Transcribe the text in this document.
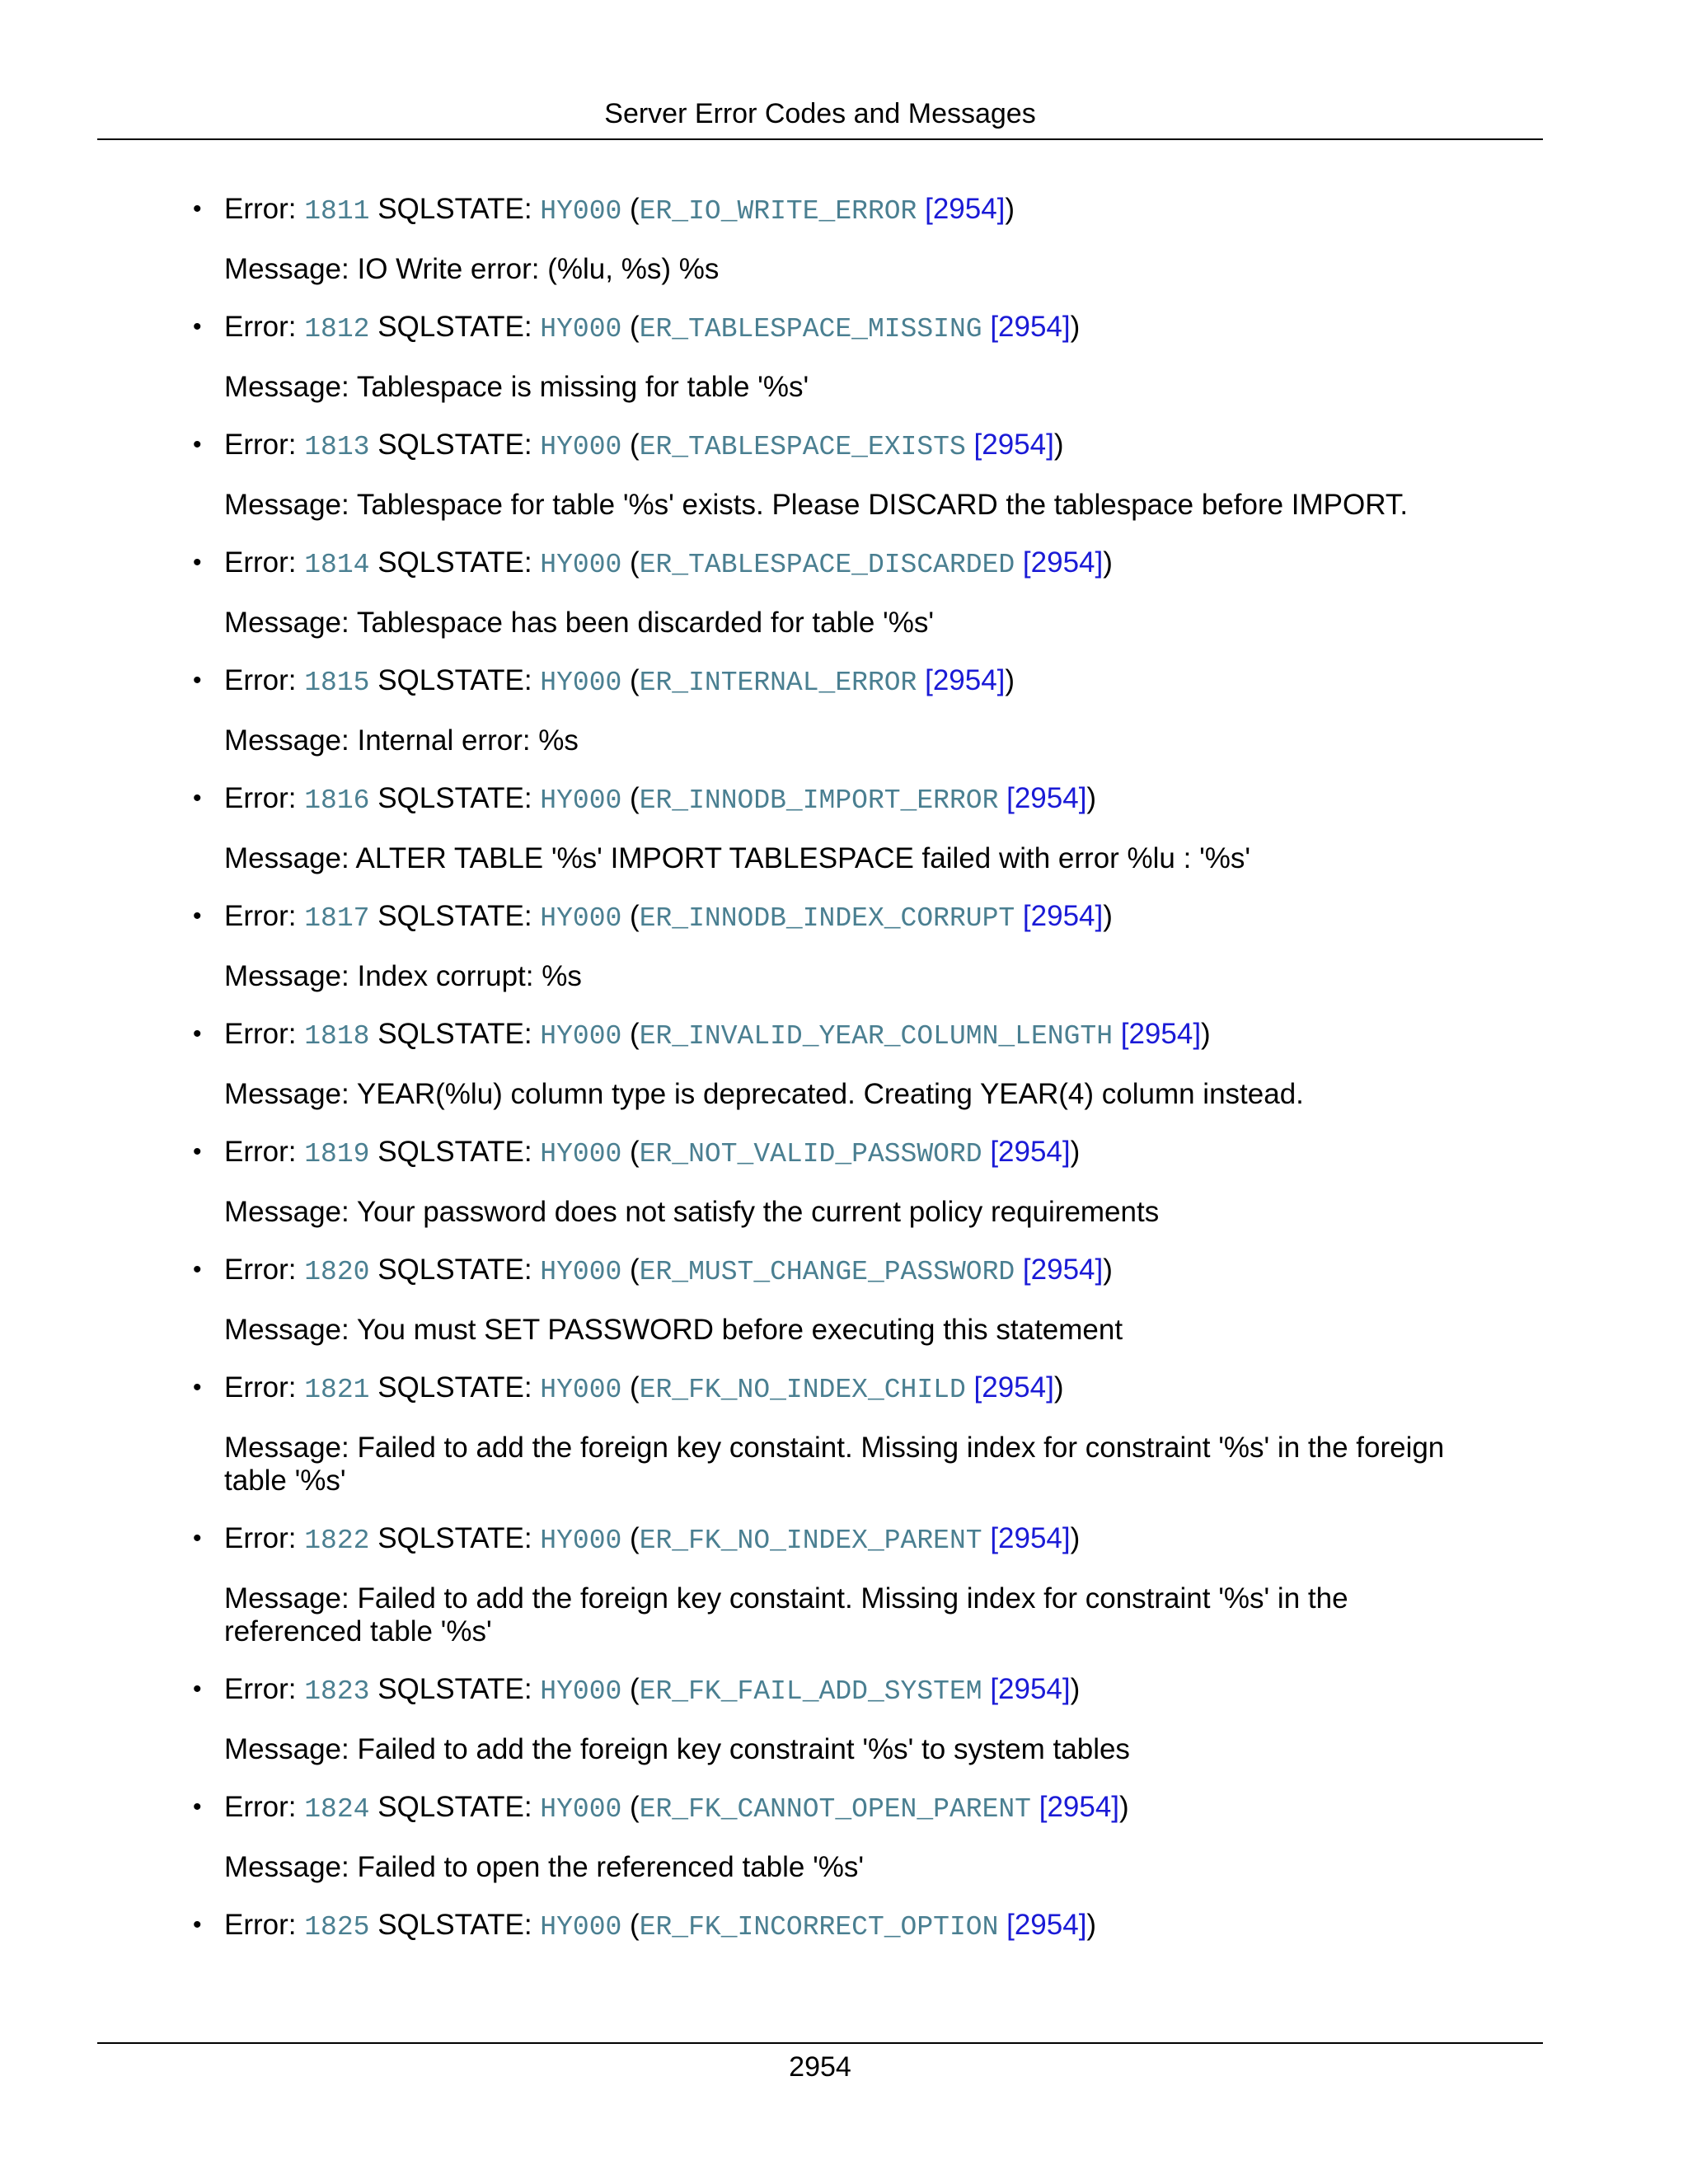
Server Error Codes and Messages
• Error: 1811 SQLSTATE: HY000 (ER_IO_WRITE_ERROR [2954])
Message: IO Write error: (%lu, %s) %s
• Error: 1812 SQLSTATE: HY000 (ER_TABLESPACE_MISSING [2954])
Message: Tablespace is missing for table '%s'
• Error: 1813 SQLSTATE: HY000 (ER_TABLESPACE_EXISTS [2954])
Message: Tablespace for table '%s' exists. Please DISCARD the tablespace before IMPORT.
• Error: 1814 SQLSTATE: HY000 (ER_TABLESPACE_DISCARDED [2954])
Message: Tablespace has been discarded for table '%s'
• Error: 1815 SQLSTATE: HY000 (ER_INTERNAL_ERROR [2954])
Message: Internal error: %s
• Error: 1816 SQLSTATE: HY000 (ER_INNODB_IMPORT_ERROR [2954])
Message: ALTER TABLE '%s' IMPORT TABLESPACE failed with error %lu : '%s'
• Error: 1817 SQLSTATE: HY000 (ER_INNODB_INDEX_CORRUPT [2954])
Message: Index corrupt: %s
• Error: 1818 SQLSTATE: HY000 (ER_INVALID_YEAR_COLUMN_LENGTH [2954])
Message: YEAR(%lu) column type is deprecated. Creating YEAR(4) column instead.
• Error: 1819 SQLSTATE: HY000 (ER_NOT_VALID_PASSWORD [2954])
Message: Your password does not satisfy the current policy requirements
• Error: 1820 SQLSTATE: HY000 (ER_MUST_CHANGE_PASSWORD [2954])
Message: You must SET PASSWORD before executing this statement
• Error: 1821 SQLSTATE: HY000 (ER_FK_NO_INDEX_CHILD [2954])
Message: Failed to add the foreign key constaint. Missing index for constraint '%s' in the foreign table '%s'
• Error: 1822 SQLSTATE: HY000 (ER_FK_NO_INDEX_PARENT [2954])
Message: Failed to add the foreign key constaint. Missing index for constraint '%s' in the referenced table '%s'
• Error: 1823 SQLSTATE: HY000 (ER_FK_FAIL_ADD_SYSTEM [2954])
Message: Failed to add the foreign key constraint '%s' to system tables
• Error: 1824 SQLSTATE: HY000 (ER_FK_CANNOT_OPEN_PARENT [2954])
Message: Failed to open the referenced table '%s'
• Error: 1825 SQLSTATE: HY000 (ER_FK_INCORRECT_OPTION [2954])
2954
